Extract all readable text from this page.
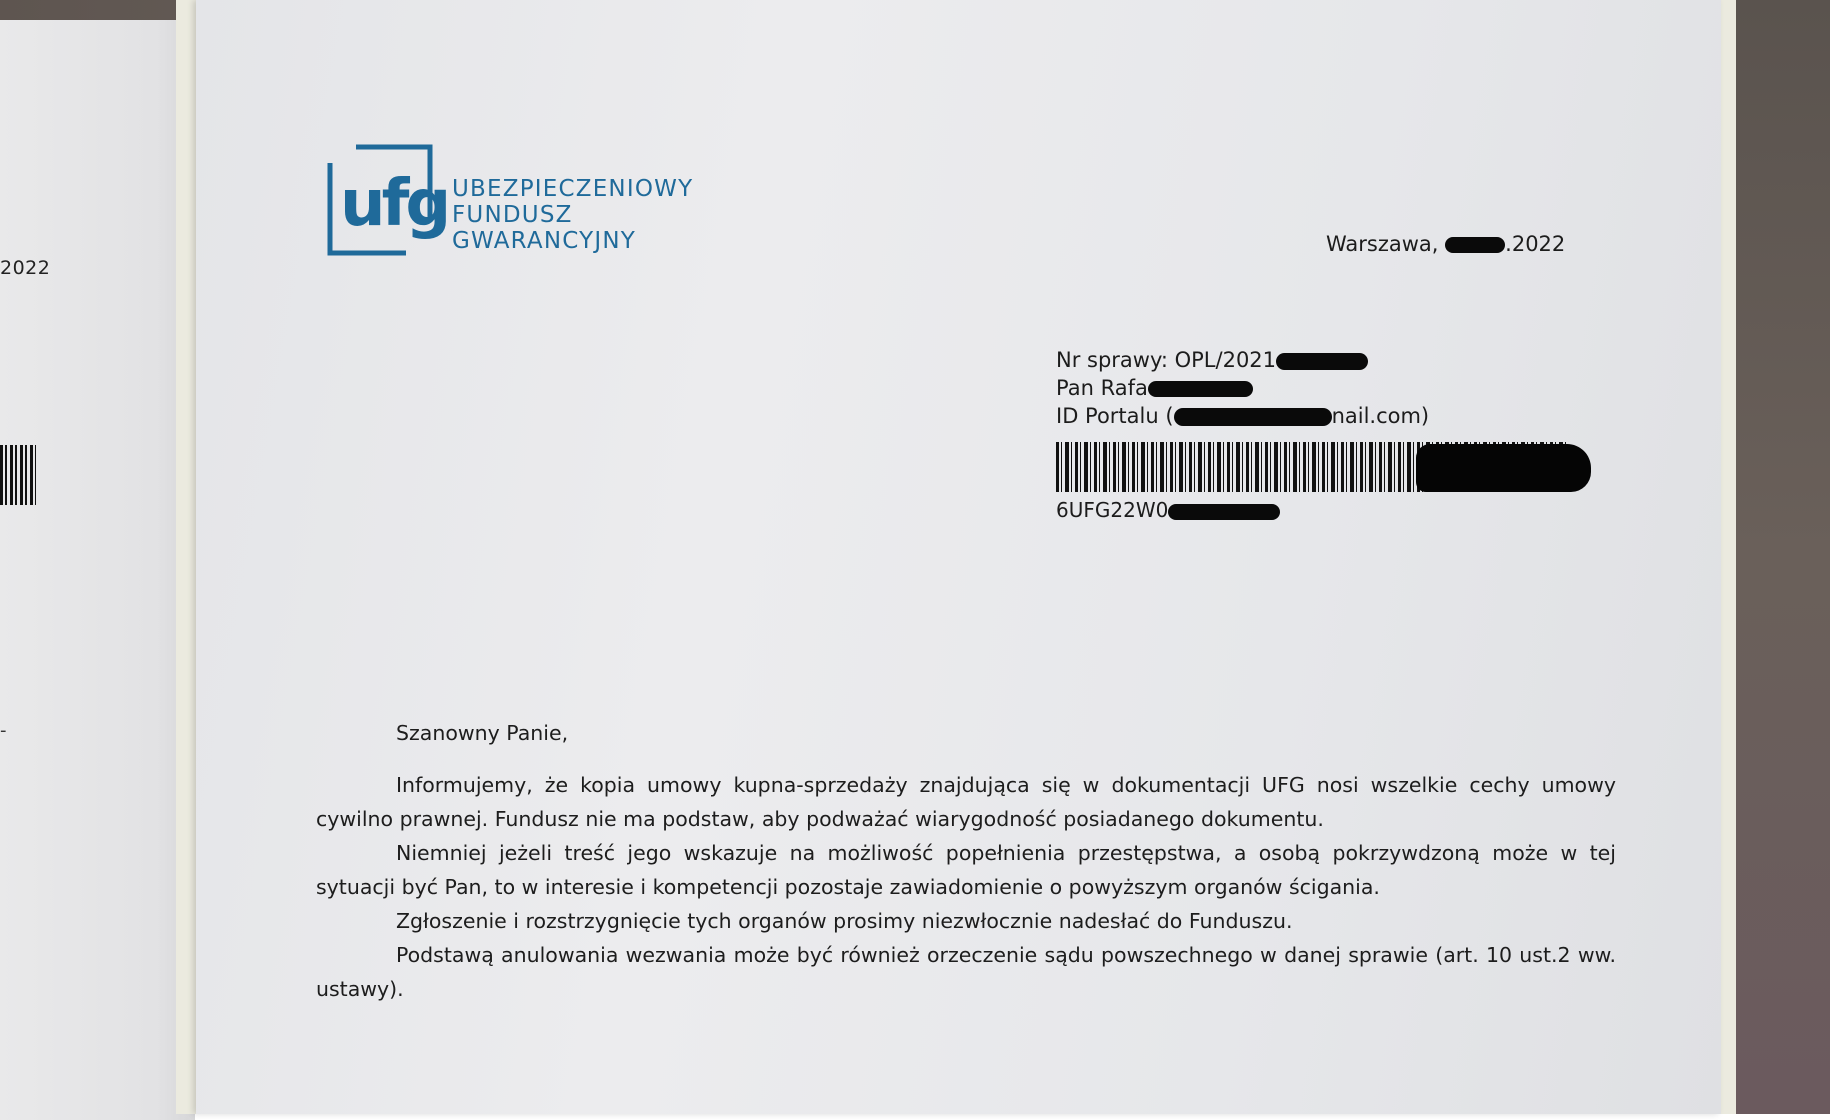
2022
-
ufg UBEZPIECZENIOWY
FUNDUSZ
GWARANCYJNY	Warszawa,	.2022
Nr sprawy: OPL/2021
Pan Rafa
ID Portalu (	nail.com)
6UFG22W0
Szanowny Panie,

Informujemy, że kopia umowy kupna-sprzedaży znajdująca się w dokumentacji UFG nosi wszelkie cechy umowy cywilno prawnej. Fundusz nie ma podstaw, aby podważać wiarygodność posiadanego dokumentu.

Niemniej jeżeli treść jego wskazuje na możliwość popełnienia przestępstwa, a osobą pokrzywdzoną może w tej sytuacji być Pan, to w interesie i kompetencji pozostaje zawiadomienie o powyższym organów ścigania.

Zgłoszenie i rozstrzygnięcie tych organów prosimy niezwłocznie nadesłać do Funduszu.

Podstawą anulowania wezwania może być również orzeczenie sądu powszechnego w danej sprawie (art. 10 ust.2 ww. ustawy).
